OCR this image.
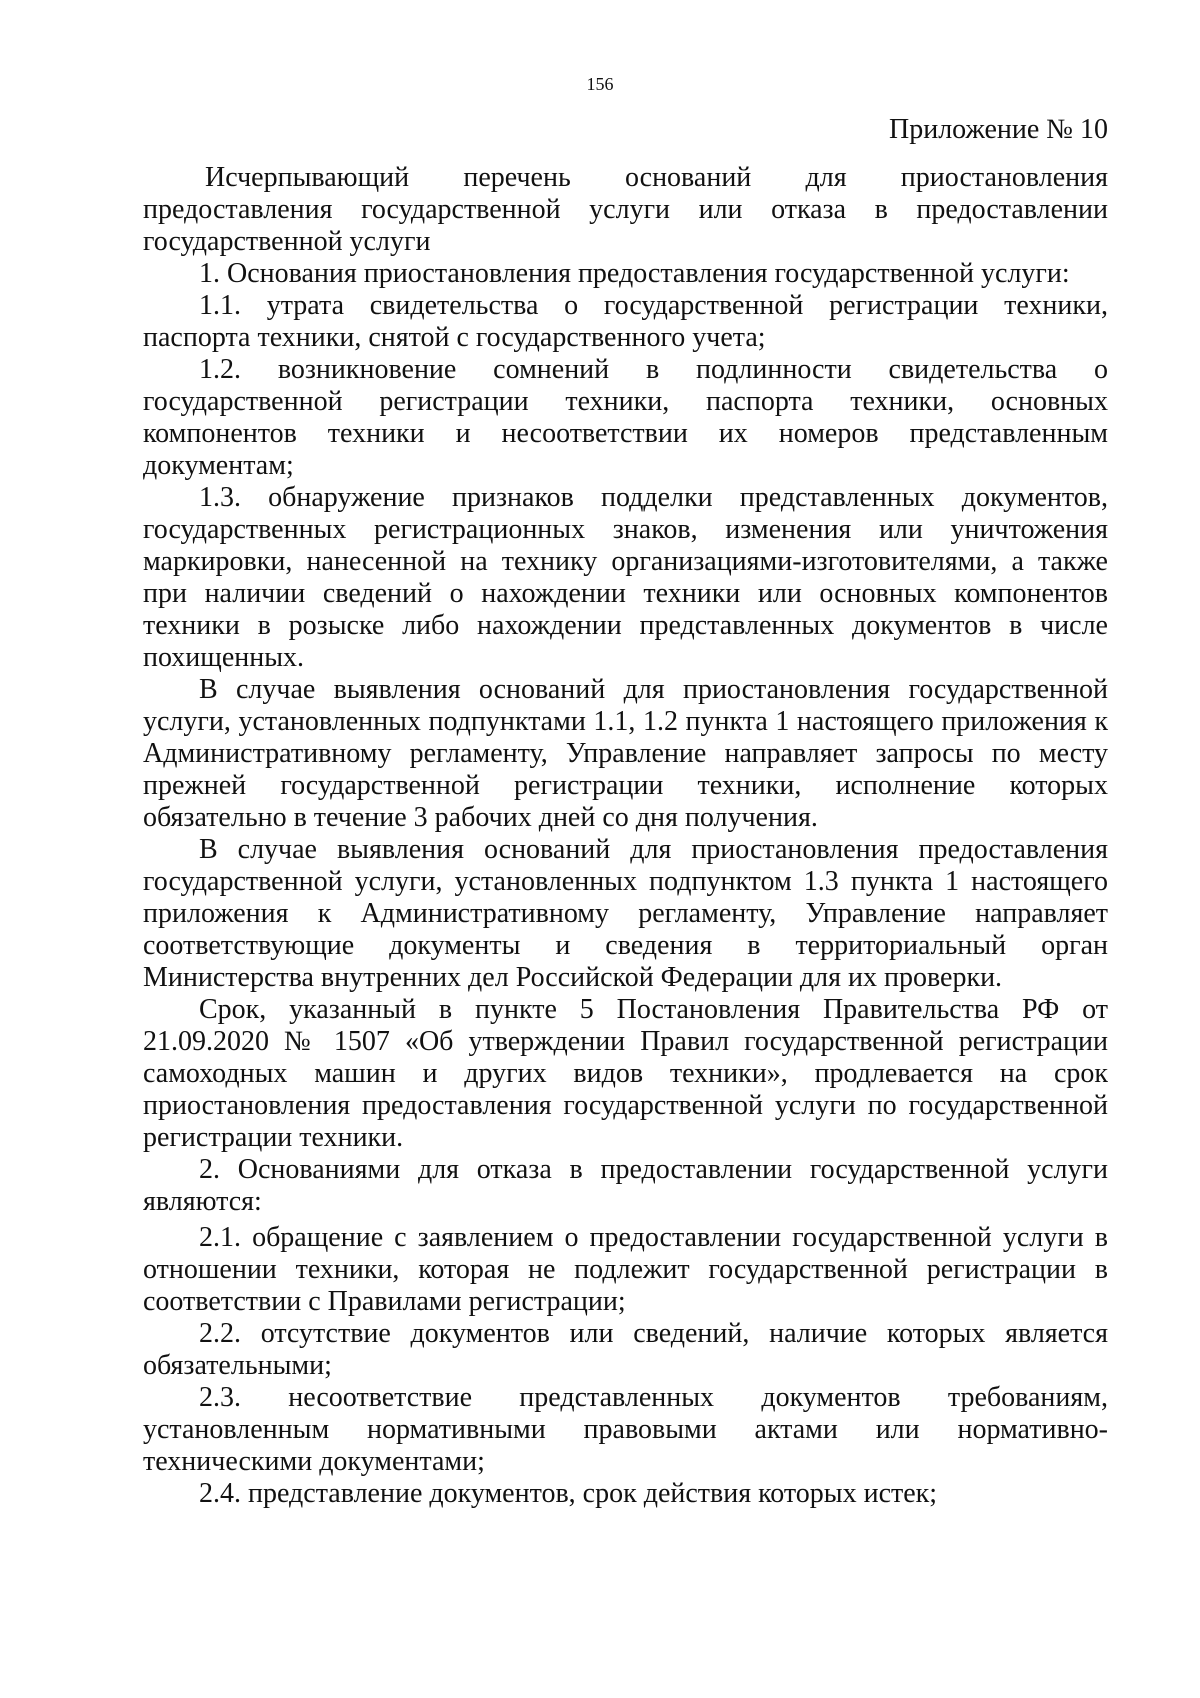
156
Приложение № 10

Исчерпывающий перечень оснований для приостановления предоставления государственной услуги или отказа в предоставлении государственной услуги

1. Основания приостановления предоставления государственной услуги:

1.1. утрата свидетельства о государственной регистрации техники, паспорта техники, снятой с государственного учета;

1.2. возникновение сомнений в подлинности свидетельства о государственной регистрации техники, паспорта техники, основных компонентов техники и несоответствии их номеров представленным документам;

1.3. обнаружение признаков подделки представленных документов, государственных регистрационных знаков, изменения или уничтожения маркировки, нанесенной на технику организациями-изготовителями, а также при наличии сведений о нахождении техники или основных компонентов техники в розыске либо нахождении представленных документов в числе похищенных.

В случае выявления оснований для приостановления государственной услуги, установленных подпунктами 1.1, 1.2 пункта 1 настоящего приложения к Административному регламенту, Управление направляет запросы по месту прежней государственной регистрации техники, исполнение которых обязательно в течение 3 рабочих дней со дня получения.

В случае выявления оснований для приостановления предоставления государственной услуги, установленных подпунктом 1.3 пункта 1 настоящего приложения к Административному регламенту, Управление направляет соответствующие документы и сведения в территориальный орган Министерства внутренних дел Российской Федерации для их проверки.

Срок, указанный в пункте 5 Постановления Правительства РФ от 21.09.2020 № 1507 «Об утверждении Правил государственной регистрации самоходных машин и других видов техники», продлевается на срок приостановления предоставления государственной услуги по государственной регистрации техники.

2. Основаниями для отказа в предоставлении государственной услуги являются:

2.1. обращение с заявлением о предоставлении государственной услуги в отношении техники, которая не подлежит государственной регистрации в соответствии с Правилами регистрации;

2.2. отсутствие документов или сведений, наличие которых является обязательными;

2.3. несоответствие представленных документов требованиям, установленным нормативными правовыми актами или нормативно-техническими документами;

2.4. представление документов, срок действия которых истек;
